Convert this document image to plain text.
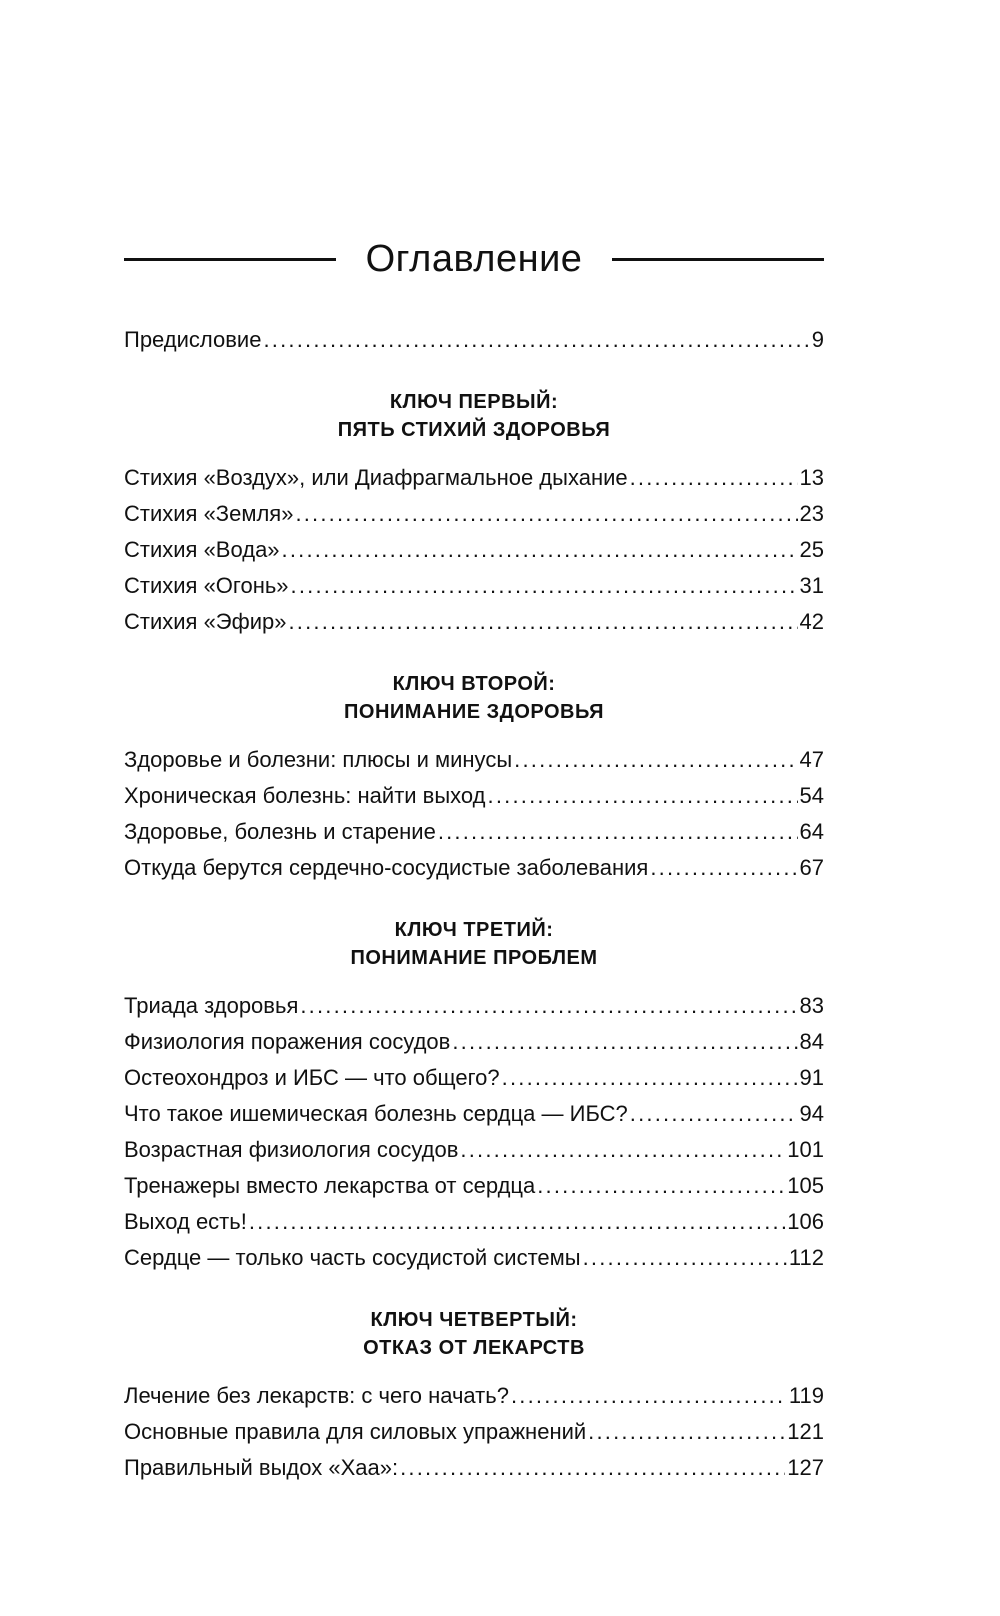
Оглавление
Предисловие .....	9
КЛЮЧ ПЕРВЫЙ:
ПЯТЬ СТИХИЙ ЗДОРОВЬЯ
Стихия «Воздух», или Диафрагмальное дыхание .....	13
Стихия «Земля» .....	23
Стихия «Вода» .....	25
Стихия «Огонь» .....	31
Стихия «Эфир» .....	42
КЛЮЧ ВТОРОЙ:
ПОНИМАНИЕ ЗДОРОВЬЯ
Здоровье и болезни: плюсы и минусы .....	47
Хроническая болезнь: найти выход .....	54
Здоровье, болезнь и старение .....	64
Откуда берутся сердечно-сосудистые заболевания .....	67
КЛЮЧ ТРЕТИЙ:
ПОНИМАНИЕ ПРОБЛЕМ
Триада здоровья .....	83
Физиология поражения сосудов .....	84
Остеохондроз и ИБС — что общего? .....	91
Что такое ишемическая болезнь сердца — ИБС? .....	94
Возрастная физиология сосудов .....	101
Тренажеры вместо лекарства от сердца .....	105
Выход есть! .....	106
Сердце — только часть сосудистой системы .....	112
КЛЮЧ ЧЕТВЕРТЫЙ:
ОТКАЗ ОТ ЛЕКАРСТВ
Лечение без лекарств: с чего начать? .....	119
Основные правила для силовых упражнений .....	121
Правильный выдох «Хаа»: .....	127
